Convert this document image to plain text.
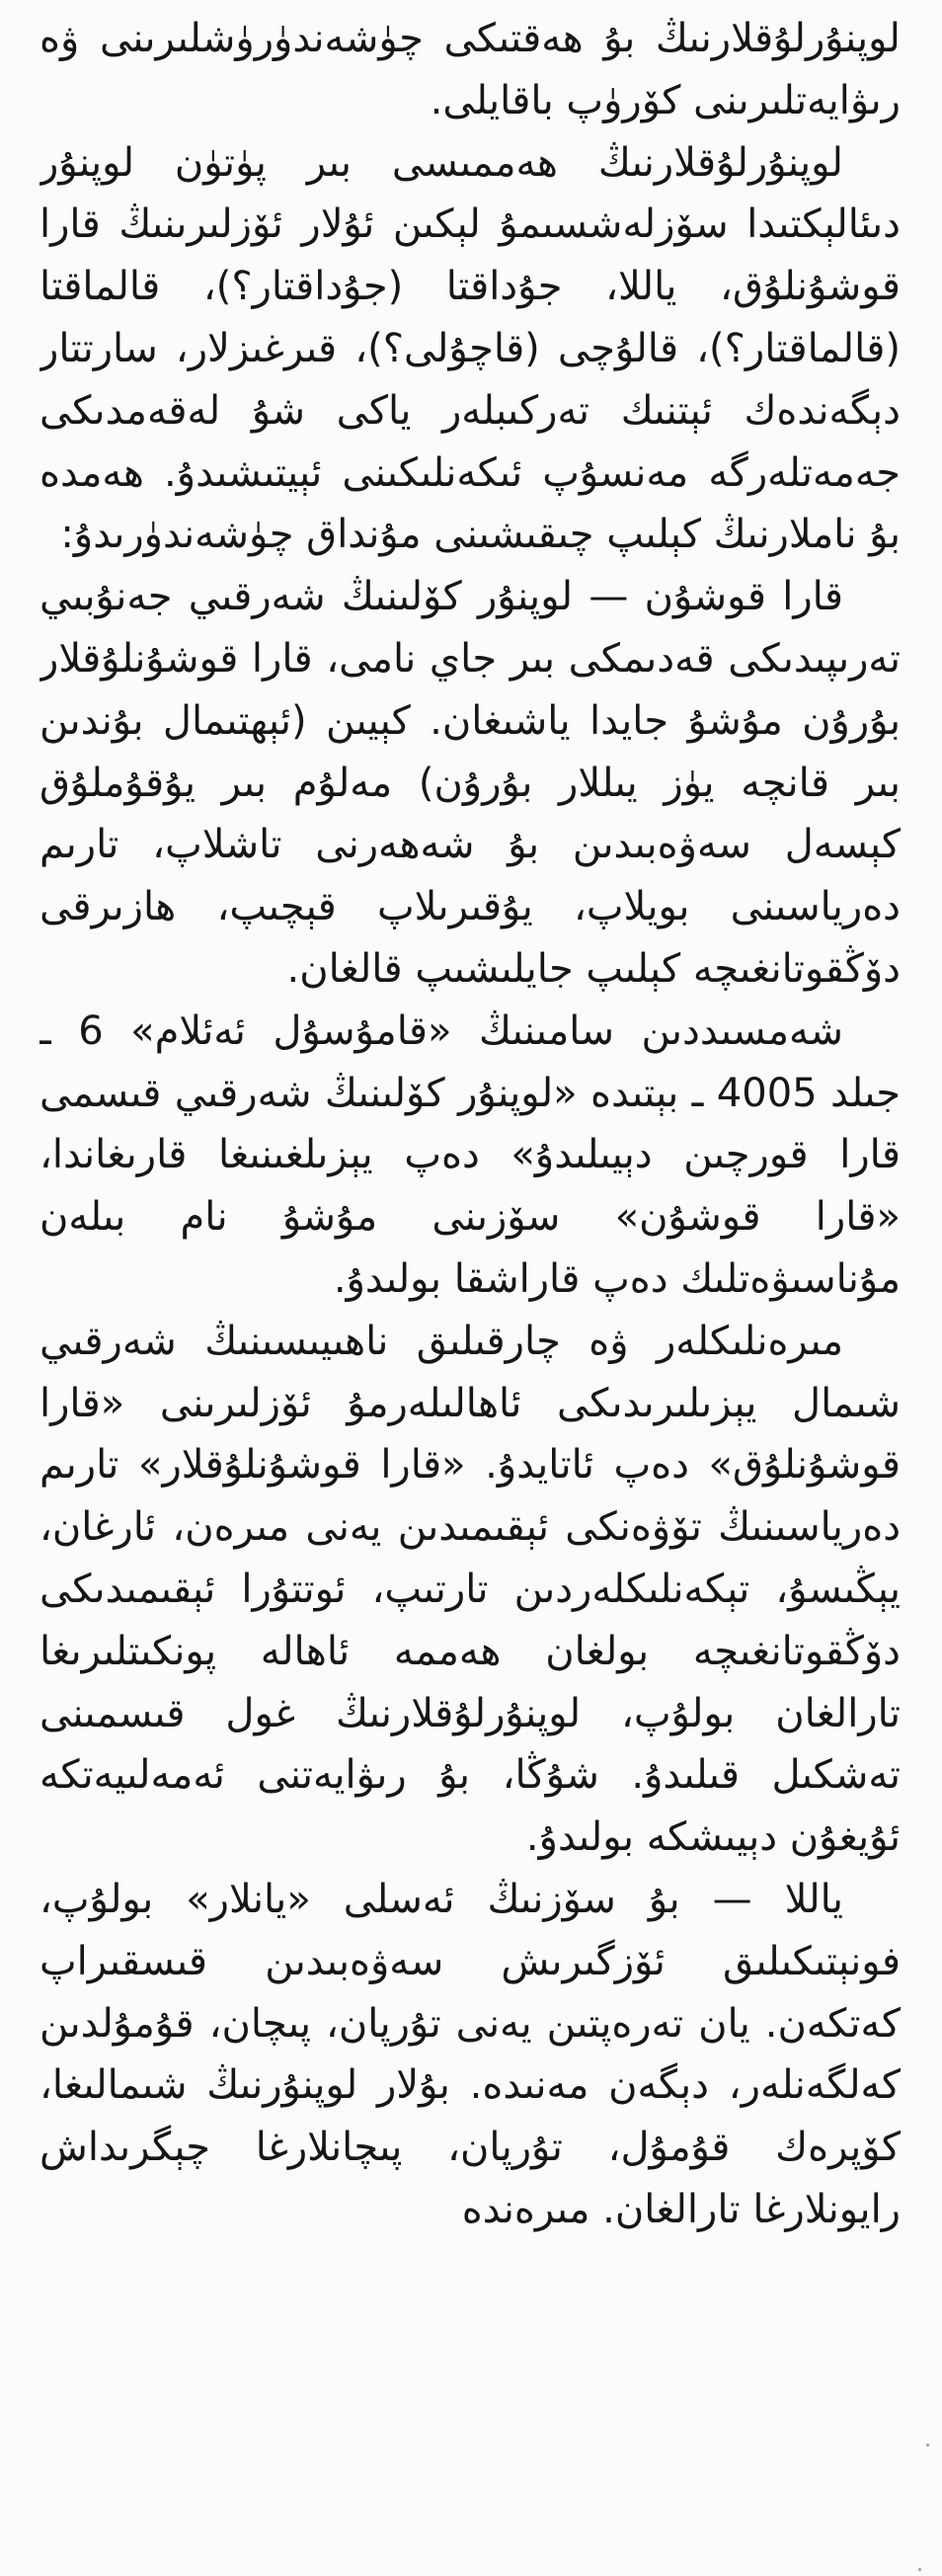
لوپنۇرلۇقلارنىڭ بۇ ھەقتىكى چۈشەندۈرۈشلىرىنى ۋە رىۋايەتلىرىنى كۆرۈپ باقايلى.

لوپنۇرلۇقلارنىڭ ھەممىسى بىر پۈتۈن لوپنۇر دىئالېكتىدا سۆزلەشسىمۇ لېكىن ئۇلار ئۆزلىرىنىڭ قارا قوشۇنلۇق، ياللا، جۇداقتا (جۇداقتار؟)، قالماقتا (قالماقتار؟)، قالۇچى (قاچۇلى؟)، قىرغىزلار، سارتتار دېگەندەك ئېتنىك تەركىبلەر ياكى شۇ لەقەمدىكى جەمەتلەرگە مەنسۇپ ئىكەنلىكىنى ئېيتىشىدۇ. ھەمدە بۇ ناملارنىڭ كېلىپ چىقىشىنى مۇنداق چۈشەندۈرىدۇ:

قارا قوشۇن — لوپنۇر كۆلىنىڭ شەرقىي جەنۇبىي تەرىپىدىكى قەدىمكى بىر جاي نامى، قارا قوشۇنلۇقلار بۇرۇن مۇشۇ جايدا ياشىغان. كېيىن (ئېھتىمال بۇندىن بىر قانچە يۈز يىللار بۇرۇن) مەلۇم بىر يۇقۇملۇق كېسەل سەۋەبىدىن بۇ شەھەرنى تاشلاپ، تارىم دەرياسىنى بويلاپ، يۇقىرىلاپ قېچىپ، ھازىرقى دۆڭقوتانغىچە كېلىپ جايلىشىپ قالغان.

شەمسىددىن سامىنىڭ «قامۇسۇل ئەئلام» 6 ـ جىلد 4005 ـ بېتىدە «لوپنۇر كۆلىنىڭ شەرقىي قىسمى قارا قورچىن دېيىلىدۇ» دەپ يېزىلغىنىغا قارىغاندا، «قارا قوشۇن» سۆزىنى مۇشۇ نام بىلەن مۇناسىۋەتلىك دەپ قاراشقا بولىدۇ.

مىرەنلىكلەر ۋە چارقىلىق ناھىيىسىنىڭ شەرقىي شىمال يېزىلىرىدىكى ئاھالىلەرمۇ ئۆزلىرىنى «قارا قوشۇنلۇق» دەپ ئاتايدۇ. «قارا قوشۇنلۇقلار» تارىم دەرياسىنىڭ تۆۋەنكى ئېقىمىدىن يەنى مىرەن، ئارغان، يېڭىسۇ، تېكەنلىكلەردىن تارتىپ، ئوتتۇرا ئېقىمىدىكى دۆڭقوتانغىچە بولغان ھەممە ئاھالە پونكىتلىرىغا تارالغان بولۇپ، لوپنۇرلۇقلارنىڭ غول قىسمىنى تەشكىل قىلىدۇ. شۇڭا، بۇ رىۋايەتنى ئەمەلىيەتكە ئۇيغۇن دېيىشكە بولىدۇ.

ياللا — بۇ سۆزنىڭ ئەسلى «يانلار» بولۇپ، فونېتىكىلىق ئۆزگىرىش سەۋەبىدىن قىسقىراپ كەتكەن. يان تەرەپتىن يەنى تۇرپان، پىچان، قۇمۇلدىن كەلگەنلەر، دېگەن مەنىدە. بۇلار لوپنۇرنىڭ شىمالىغا، كۆپرەك قۇمۇل، تۇرپان، پىچانلارغا چېگرىداش رايونلارغا تارالغان. مىرەندە
